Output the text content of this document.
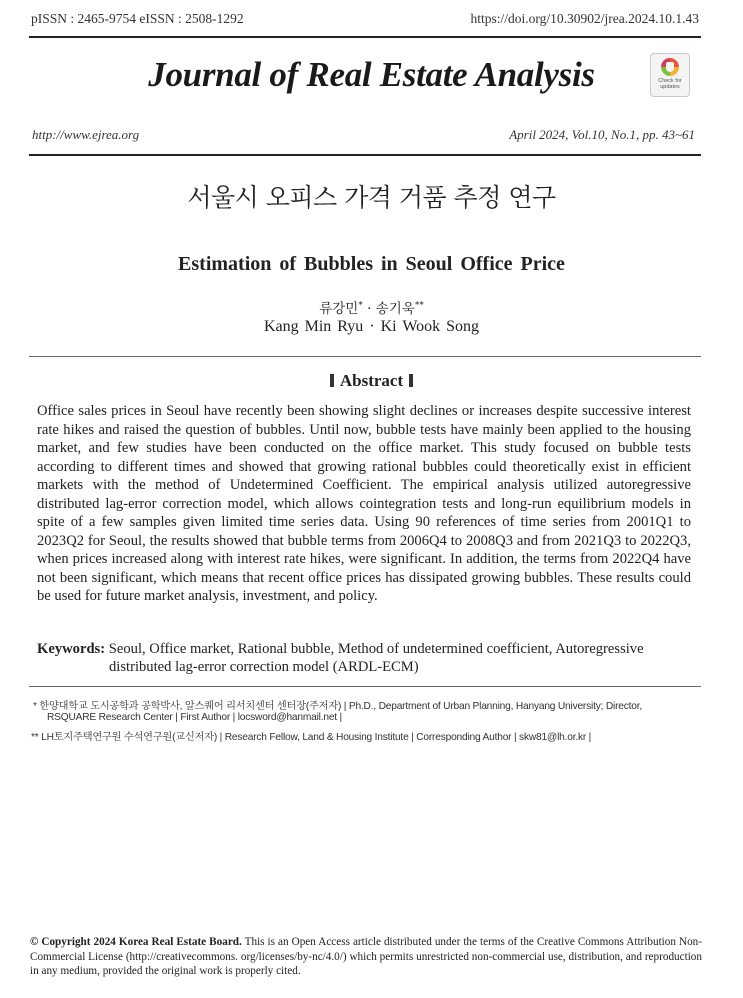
pISSN : 2465-9754 eISSN : 2508-1292	https://doi.org/10.30902/jrea.2024.10.1.43
Journal of Real Estate Analysis	Check for
updates
http://www.ejrea.org	April 2024, Vol.10, No.1, pp. 43~61
서울시 오피스 가격 거품 추정 연구
Estimation of Bubbles in Seoul Office Price
류강민* · 송기욱**
Kang Min Ryu · Ki Wook Song
Abstract
Office sales prices in Seoul have recently been showing slight declines or increases despite successive interest rate hikes and raised the question of bubbles. Until now, bubble tests have mainly been applied to the housing market, and few studies have been conducted on the office market. This study focused on bubble tests according to different times and showed that growing rational bubbles could theoretically exist in efficient markets with the method of Undetermined Coefficient. The empirical analysis utilized autoregressive distributed lag-error correction model, which allows cointegration tests and long-run equilibrium models in spite of a few samples given limited time series data. Using 90 references of time series from 2001Q1 to 2023Q2 for Seoul, the results showed that bubble terms from 2006Q4 to 2008Q3 and from 2021Q3 to 2022Q3, when prices increased along with interest rate hikes, were significant. In addition, the terms from 2022Q4 have not been significant, which means that recent office prices has dissipated growing bubbles. These results could be used for future market analysis, investment, and policy.
Keywords: Seoul, Office market, Rational bubble, Method of undetermined coefficient, Autoregressive
distributed lag-error correction model (ARDL-ECM)
* 한양대학교 도시공학과 공학박사, 알스퀘어 리서치센터 센터장(주저자) | Ph.D., Department of Urban Planning, Hanyang University; Director,
RSQUARE Research Center | First Author | locsword@hanmail.net |
** LH토지주택연구원 수석연구원(교신저자) | Research Fellow, Land & Housing Institute | Corresponding Author | skw81@lh.or.kr |
© Copyright 2024 Korea Real Estate Board. This is an Open Access article distributed under the terms of the Creative Commons Attribution Non-Commercial License (http://creativecommons. org/licenses/by-nc/4.0/) which permits unrestricted non-commercial use, distribution, and reproduction in any medium, provided the original work is properly cited.
